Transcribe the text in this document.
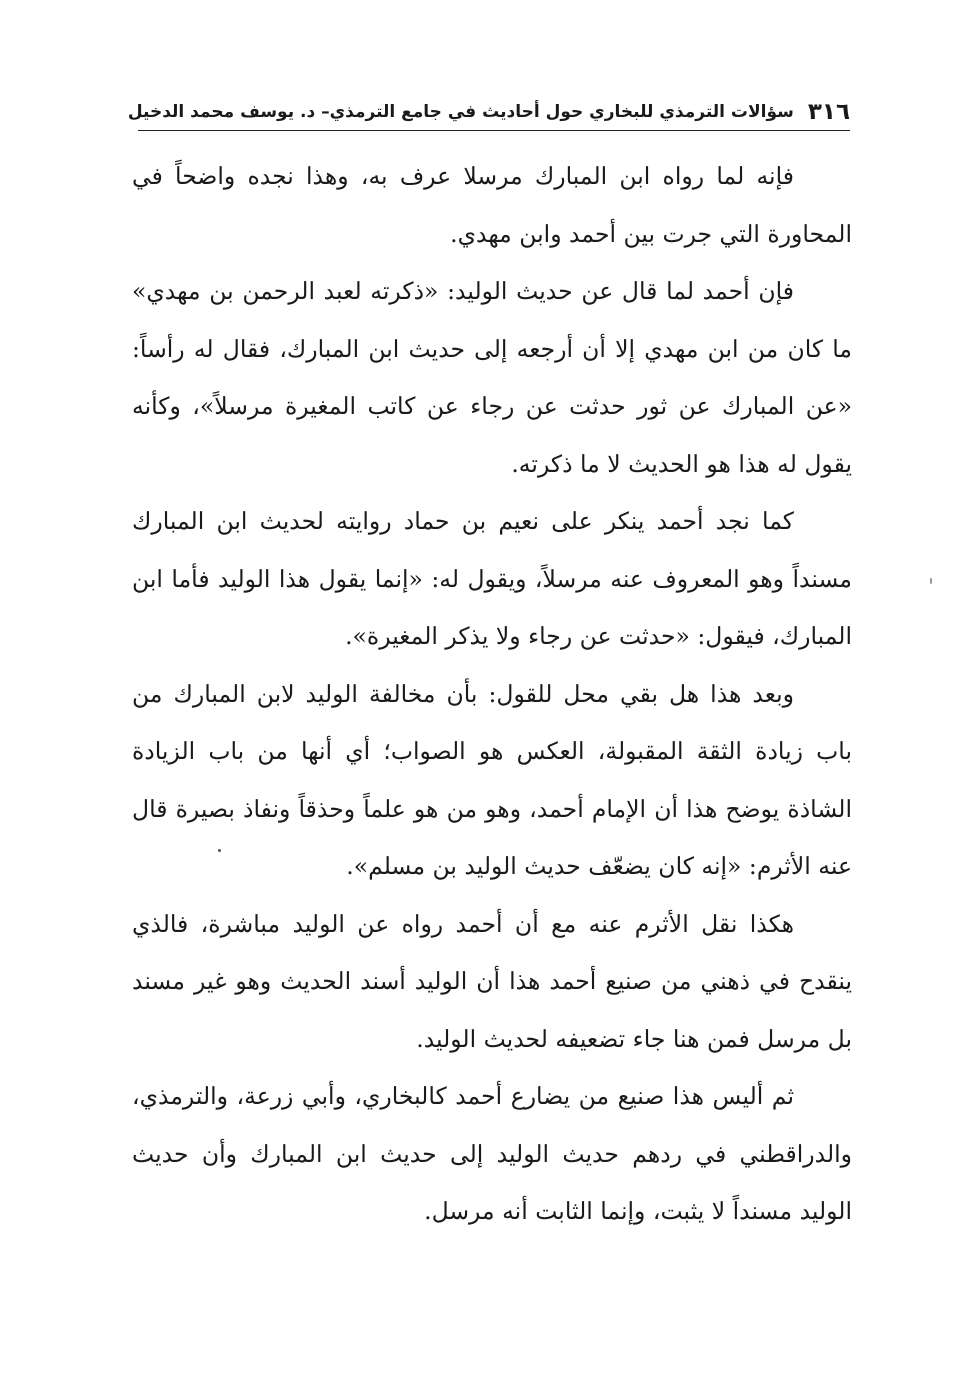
٣١٦
سؤالات الترمذي للبخاري حول أحاديث في جامع الترمذي– د. يوسف محمد الدخيل

فإنه لما رواه ابن المبارك مرسلا عرف به، وهذا نجده واضحاً في المحاورة التي جرت بين أحمد وابن مهدي.

فإن أحمد لما قال عن حديث الوليد: «ذكرته لعبد الرحمن بن مهدي» ما كان من ابن مهدي إلا أن أرجعه إلى حديث ابن المبارك، فقال له رأساً: «عن المبارك عن ثور حدثت عن رجاء عن كاتب المغيرة مرسلاً»، وكأنه يقول له هذا هو الحديث لا ما ذكرته.

كما نجد أحمد ينكر على نعيم بن حماد روايته لحديث ابن المبارك مسنداً وهو المعروف عنه مرسلاً، ويقول له: «إنما يقول هذا الوليد فأما ابن المبارك، فيقول: «حدثت عن رجاء ولا يذكر المغيرة».

وبعد هذا هل بقي محل للقول: بأن مخالفة الوليد لابن المبارك من باب زيادة الثقة المقبولة، العكس هو الصواب؛ أي أنها من باب الزيادة الشاذة يوضح هذا أن الإمام أحمد، وهو من هو علماً وحذقاً ونفاذ بصيرة قال عنه الأثرم: «إنه كان يضعّف حديث الوليد بن مسلم».

هكذا نقل الأثرم عنه مع أن أحمد رواه عن الوليد مباشرة، فالذي ينقدح في ذهني من صنيع أحمد هذا أن الوليد أسند الحديث وهو غير مسند بل مرسل فمن هنا جاء تضعيفه لحديث الوليد.

ثم أليس هذا صنيع من يضارع أحمد كالبخاري، وأبي زرعة، والترمذي، والدراقطني في ردهم حديث الوليد إلى حديث ابن المبارك وأن حديث الوليد مسنداً لا يثبت، وإنما الثابت أنه مرسل.
